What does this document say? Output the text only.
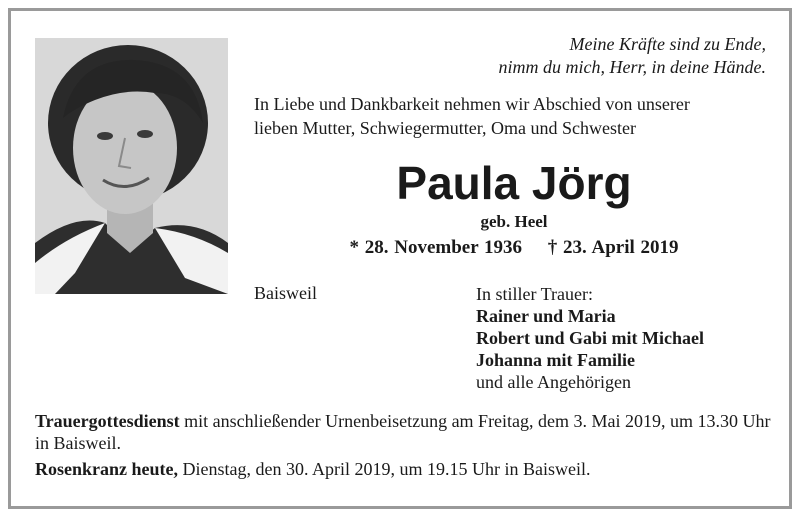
Meine Kräfte sind zu Ende,
nimm du mich, Herr, in deine Hände.
In Liebe und Dankbarkeit nehmen wir Abschied von unserer
lieben Mutter, Schwiegermutter, Oma und Schwester
Paula Jörg
geb. Heel
* 28. November 1936 † 23. April 2019
Baisweil	In stiller Trauer:
Rainer und Maria
Robert und Gabi mit Michael
Johanna mit Familie
und alle Angehörigen
Trauergottesdienst mit anschließender Urnenbeisetzung am Freitag, dem 3. Mai 2019, um 13.30 Uhr in Baisweil.
Rosenkranz heute, Dienstag, den 30. April 2019, um 19.15 Uhr in Baisweil.
